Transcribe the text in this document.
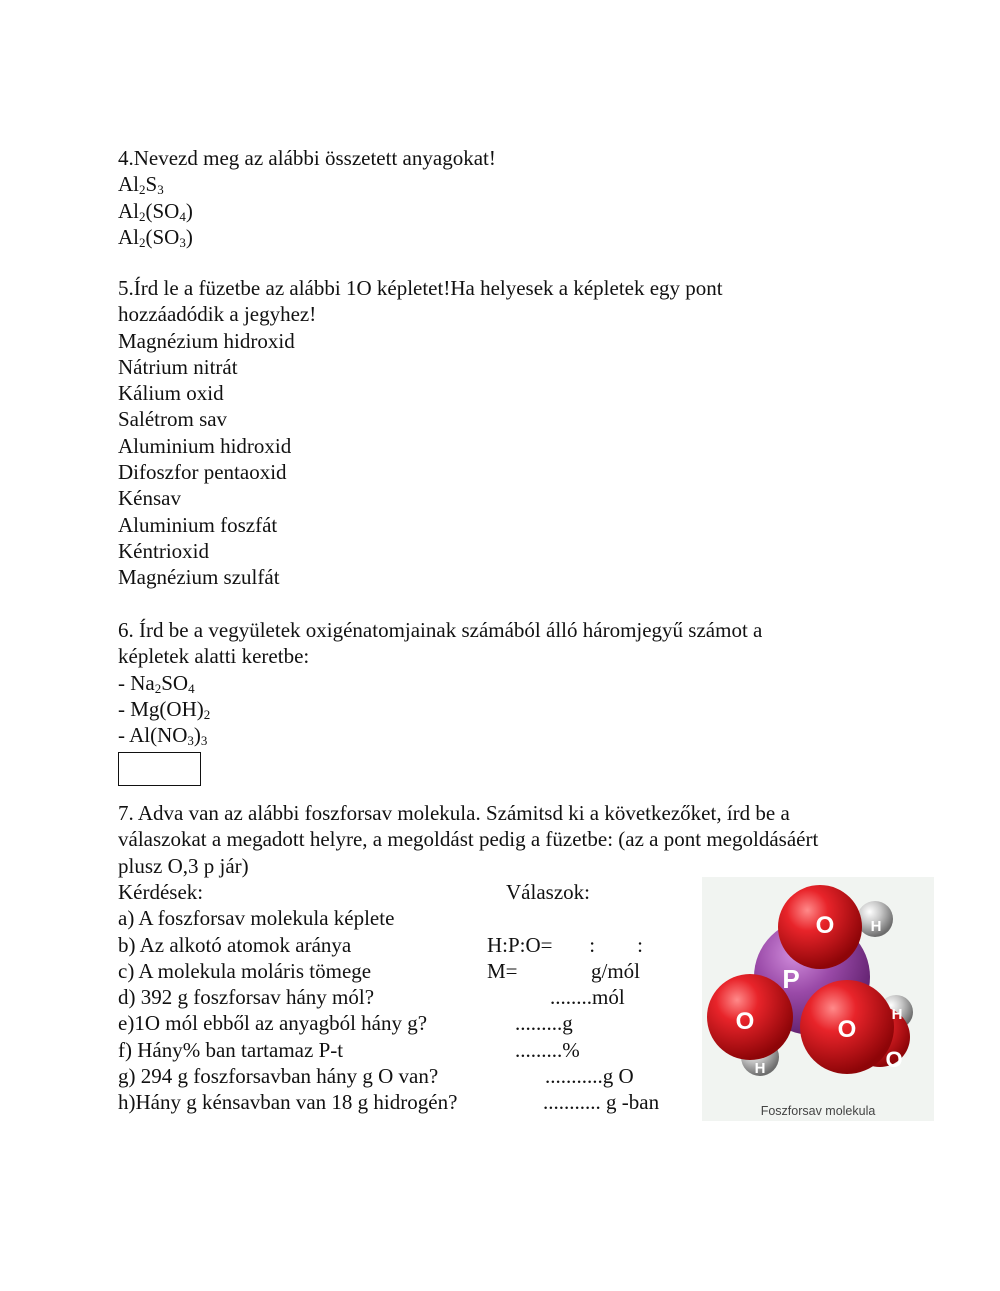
4.Nevezd meg az alábbi összetett anyagokat!
$Al_2S_3$
$Al_2(SO_4)$
$Al_2(SO_3)$
5.Írd le a füzetbe az alábbi 1O képletet!Ha helyesek a képletek egy pont
hozzáadódik a jegyhez!
Magnézium hidroxid
Nátrium nitrát
Kálium oxid
Salétrom sav
Aluminium hidroxid
Difoszfor pentaoxid
Kénsav
Aluminium foszfát
Kéntrioxid
Magnézium szulfát
6. Írd be a vegyületek oxigénatomjainak számából álló háromjegyű számot a
képletek alatti keretbe:
- $Na_2SO_4$
- $Mg(OH)_2$
- $Al(NO_3)_3$
7. Adva van az alábbi foszforsav molekula. Számitsd ki a következőket, írd be a
válaszokat a megadott helyre, a megoldást pedig a füzetbe: (az a pont megoldásáért
plusz O,3 p jár)
Kérdések:	Válaszok:
a) A foszforsav molekula képlete
b) Az alkotó atomok aránya	H:P:O=       :        :
c) A molekula moláris tömege	M=              g/mól
d) 392 g foszforsav hány mól?	........mól
e)1O mól ebből az anyagból hány g?	.........g
f) Hány% ban tartamaz P-t	.........%
g) 294 g foszforsavban hány g O van?	...........g O
h)Hány g kénsavban van 18 g hidrogén?	........... g -ban
O
O	O
O
P
H
H
H
Foszforsav molekula
